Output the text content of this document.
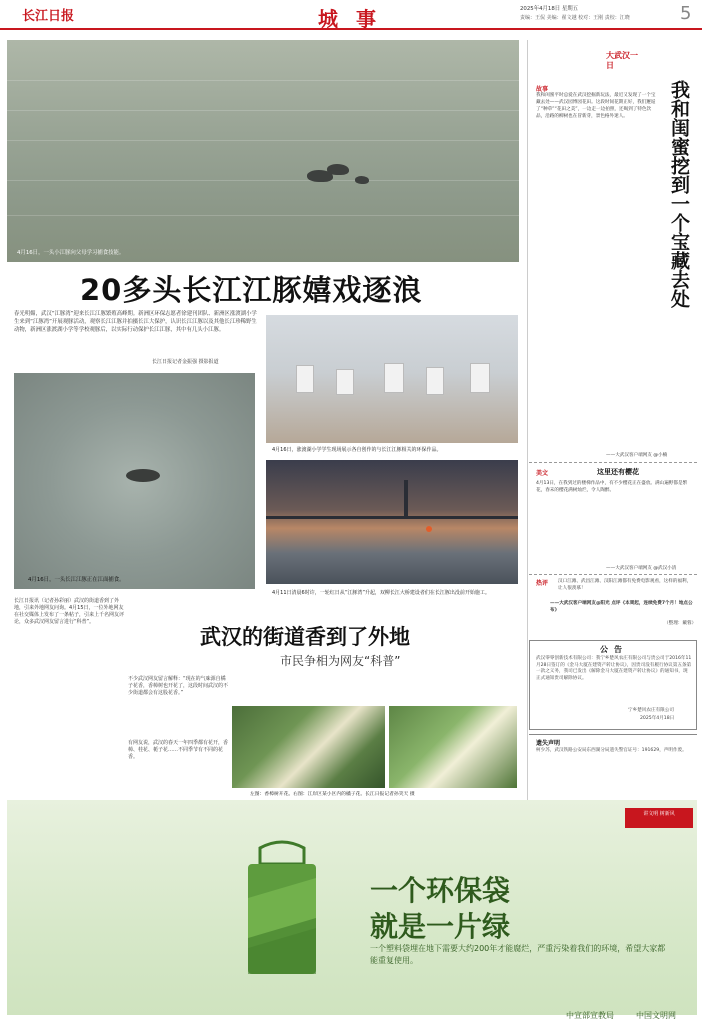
长江日报	城事	2025年4月18日 星期五
责编：王侃 美编：翟文越 校对：王刚 责校：江晓	5
4月16日，一头小江豚向父母学习捕食技能。
20多头长江江豚嬉戏逐浪
春光明媚，武汉“江豚湾”迎来长江江豚繁殖高峰期。新洲区环保志愿者徐建刊团队、新洲区涨渡湖小学生来到“江豚湾”开展观豚活动，观察长江江豚并拍摄长江大保护，认识长江江豚以及其他长江珍稀野生动物，新洲区涨渡湖小学等学校观豚后，以实际行动保护长江江豚，其中有几头小江豚。
长江日报记者金振强 摄影报道
4月16日，一头长江江豚正在江面捕食。
4月16日，涨渡湖小学学生现场展示各自创作的与长江江豚相关的环保作品。
4月11日清晨6时许，一轮红日从“江豚湾”升起，双柳长江大桥建设者们在长江豚出没前开始施工。
武汉的街道香到了外地
市民争相为网友“科普”
长江日报讯（记者孙彩丽）武汉的街道香到了外地，引来外地网友问询。4月15日，一位外地网友在社交媒体上发布了一条帖子，引来上千名网友评论，众多武汉网友留言进行“科普”。
不少武汉网友留言解释：“现在的气味源自橘子花香，香樟树也开花了，这段时间武汉的不少街道都会有这股花香。”
有网友说，武汉的春天一年四季都有花开，香樟、桂花、栀子花……不同季节有不同的花香。
左图：香樟树开花。右图：江岸区某小区内的橘子花。长江日报记者孙笑天 摄
故事
大武汉一日
我和闺蜜挖到一个宝藏去处
我和闺蜜平时总爱在武汉挖掘新玩法，最近又发现了一个宝藏去处——武汉园博园花田。这段时间花期正好，我们邂逅了“种草”“花田之美”，一边走一边拍照，还喝到了特色饮品，沿路的柳树也在冒新芽，景色格外迷人。
——大武汉客户端网友 @小楠
美文	这里还有樱花
4月13日，在我到过的楼梯作品中，有不少樱花正在盛放。满山遍野都是繁花，春末的樱花满树灿烂，令人陶醉。
——大武汉客户端网友 @武汉小清
热评 汉口江滩、武昌江滩、汉阳江滩都有免费电影观看，这样的福利，让人很羡慕！
——大武汉客户端网友@阳光 点评《本周起，连续免费7个月！地点公布》
（整理：戴蓉）
公告
武汉零零创新技术有限公司：我宁乡楚风农庄有限公司与贵公司于2016年11月28日签订的《金马大厦在建资产转让协议》，因贵司没有履行协议第五条第一款之义务，我司已发出《解除金马大厦在建资产转让协议》的通知书，现正式通知贵司解除协议。
宁乡楚风农庄有限公司
2025年4月18日
遗失声明
柯少苏，武汉铁路公安局东西湖分局遗失警官证号：191629，声明作废。
讲文明 树新风
一个环保袋
就是一片绿
一个塑料袋埋在地下需要大约200年才能腐烂，严重污染着我们的环境，希望大家都能重复使用。
中宣部宣教局	中国文明网
